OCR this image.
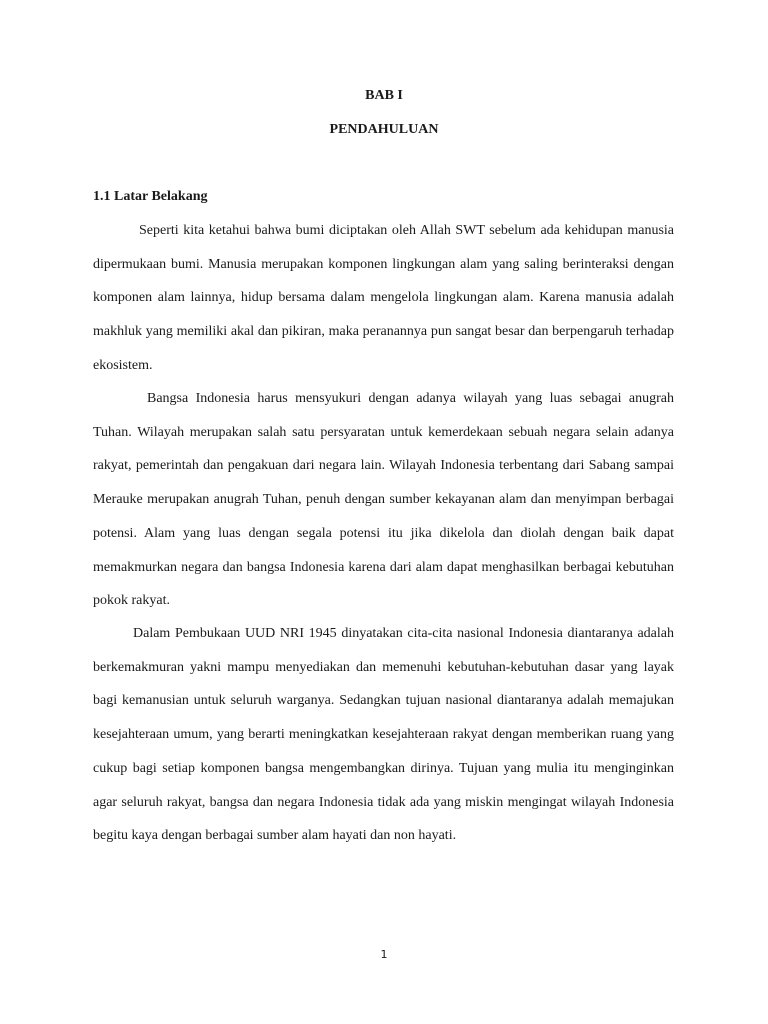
BAB I
PENDAHULUAN
1.1 Latar Belakang

Seperti kita ketahui bahwa bumi diciptakan oleh Allah SWT sebelum ada kehidupan manusia dipermukaan bumi. Manusia merupakan komponen lingkungan alam yang saling berinteraksi dengan komponen alam lainnya, hidup bersama dalam mengelola lingkungan alam. Karena manusia adalah makhluk yang memiliki akal dan pikiran, maka peranannya pun sangat besar dan berpengaruh terhadap ekosistem.

Bangsa Indonesia harus mensyukuri dengan adanya wilayah yang luas sebagai anugrah Tuhan. Wilayah merupakan salah satu persyaratan untuk kemerdekaan sebuah negara selain adanya rakyat, pemerintah dan pengakuan dari negara lain. Wilayah Indonesia terbentang dari Sabang sampai Merauke merupakan anugrah Tuhan, penuh dengan sumber kekayanan alam dan menyimpan berbagai potensi. Alam yang luas dengan segala potensi itu jika dikelola dan diolah dengan baik dapat memakmurkan negara dan bangsa Indonesia karena dari alam dapat menghasilkan berbagai kebutuhan pokok rakyat.

Dalam Pembukaan UUD NRI 1945 dinyatakan cita-cita nasional Indonesia diantaranya adalah berkemakmuran yakni mampu menyediakan dan memenuhi kebutuhan-kebutuhan dasar yang layak bagi kemanusian untuk seluruh warganya. Sedangkan tujuan nasional diantaranya adalah memajukan kesejahteraan umum, yang berarti meningkatkan kesejahteraan rakyat dengan memberikan ruang yang cukup bagi setiap komponen bangsa mengembangkan dirinya. Tujuan yang mulia itu menginginkan agar seluruh rakyat, bangsa dan negara Indonesia tidak ada yang miskin mengingat wilayah Indonesia begitu kaya dengan berbagai sumber alam hayati dan non hayati.

1
